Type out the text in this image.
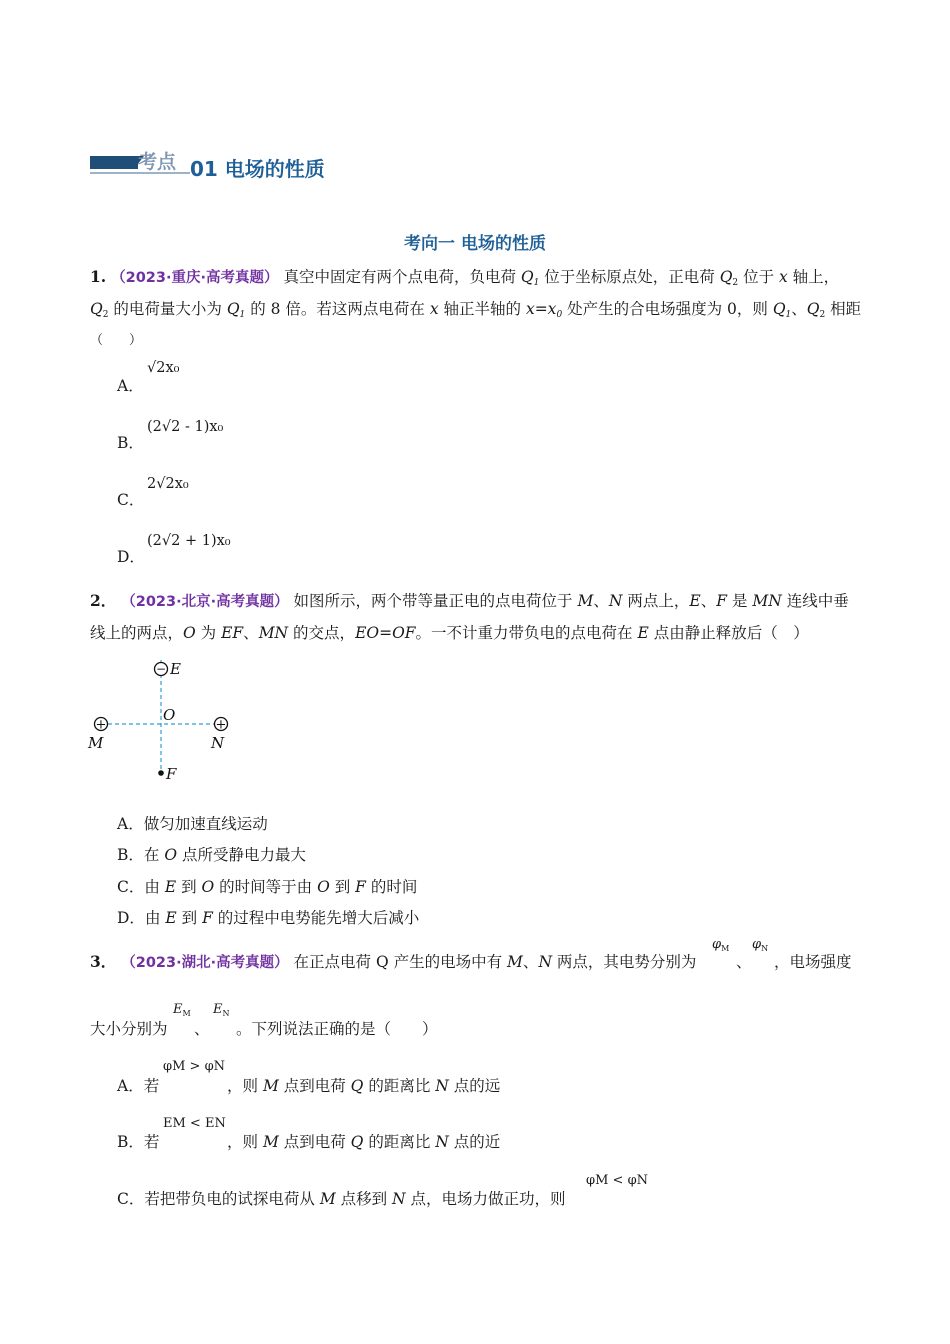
考点 01 电场的性质
考向一 电场的性质
1. （2023·重庆·高考真题） 真空中固定有两个点电荷，负电荷 $Q_1$ 位于坐标原点处，正电荷 $Q_2$ 位于 x 轴上，
$Q_2$ 的电荷量大小为 $Q_1$ 的 8 倍。若这两点电荷在 x 轴正半轴的 $x=x_0$ 处产生的合电场强度为 0，则 $Q_1$、$Q_2$ 相距
（　　）
A．
√2x₀
B．
(2√2 - 1)x₀
C．
2√2x₀
D．
(2√2 + 1)x₀
2． （2023·北京·高考真题） 如图所示，两个带等量正电的点电荷位于 M、N 两点上，E、F 是 MN 连线中垂
线上的两点，O 为 EF、MN 的交点，EO=OF。一不计重力带负电的点电荷在 E 点由静止释放后（　）
− E
O
+	+
M	N
F
A．做匀加速直线运动
B．在 O 点所受静电力最大
C．由 E 到 O 的时间等于由 O 到 F 的时间
D．由 E 到 F 的过程中电势能先增大后减小
3． （2023·湖北·高考真题） 在正点电荷 Q 产生的电场中有 M、N 两点，其电势分别为
$\varphi_M$
、
$\varphi_N$
，电场强度
大小分别为
$E_M$
、
$E_N$
。下列说法正确的是（　　）
A．若
φM > φN
，则 M 点到电荷 Q 的距离比 N 点的远
B．若
EM < EN
，则 M 点到电荷 Q 的距离比 N 点的近
C．若把带负电的试探电荷从 M 点移到 N 点，电场力做正功，则
φM < φN
